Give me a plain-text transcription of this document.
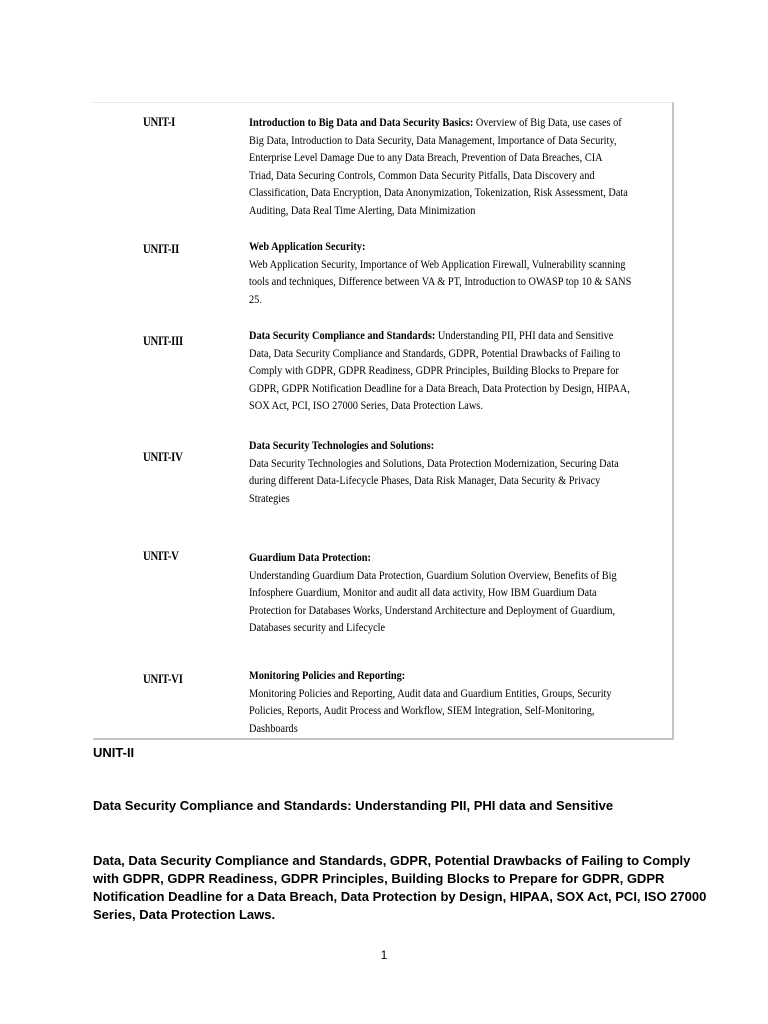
UNIT-I	Introduction to Big Data and Data Security Basics: Overview of Big Data, use cases of
Big Data, Introduction to Data Security, Data Management, Importance of Data Security,
Enterprise Level Damage Due to any Data Breach, Prevention of Data Breaches, CIA
Triad, Data Securing Controls, Common Data Security Pitfalls, Data Discovery and
Classification, Data Encryption, Data Anonymization, Tokenization, Risk Assessment, Data
Auditing, Data Real Time Alerting, Data Minimization
UNIT-II	Web Application Security:
Web Application Security, Importance of Web Application Firewall, Vulnerability scanning
tools and techniques, Difference between VA & PT, Introduction to OWASP top 10 & SANS
25.
UNIT-III	Data Security Compliance and Standards: Understanding PII, PHI data and Sensitive
Data, Data Security Compliance and Standards, GDPR, Potential Drawbacks of Failing to
Comply with GDPR, GDPR Readiness, GDPR Principles, Building Blocks to Prepare for
GDPR, GDPR Notification Deadline for a Data Breach, Data Protection by Design, HIPAA,
SOX Act, PCI, ISO 27000 Series, Data Protection Laws.
UNIT-IV
Data Security Technologies and Solutions:
Data Security Technologies and Solutions, Data Protection Modernization, Securing Data
during different Data-Lifecycle Phases, Data Risk Manager, Data Security & Privacy
Strategies
UNIT-V	Guardium Data Protection:
Understanding Guardium Data Protection, Guardium Solution Overview, Benefits of Big
Infosphere Guardium, Monitor and audit all data activity, How IBM Guardium Data
Protection for Databases Works, Understand Architecture and Deployment of Guardium,
Databases security and Lifecycle
UNIT-VI	Monitoring Policies and Reporting:
Monitoring Policies and Reporting, Audit data and Guardium Entities, Groups, Security
Policies, Reports, Audit Process and Workflow, SIEM Integration, Self-Monitoring,
Dashboards
UNIT-II
Data Security Compliance and Standards: Understanding PII, PHI data and Sensitive
Data, Data Security Compliance and Standards, GDPR, Potential Drawbacks of Failing to Comply
with GDPR, GDPR Readiness, GDPR Principles, Building Blocks to Prepare for GDPR, GDPR
Notification Deadline for a Data Breach, Data Protection by Design, HIPAA, SOX Act, PCI, ISO 27000
Series, Data Protection Laws.
1
